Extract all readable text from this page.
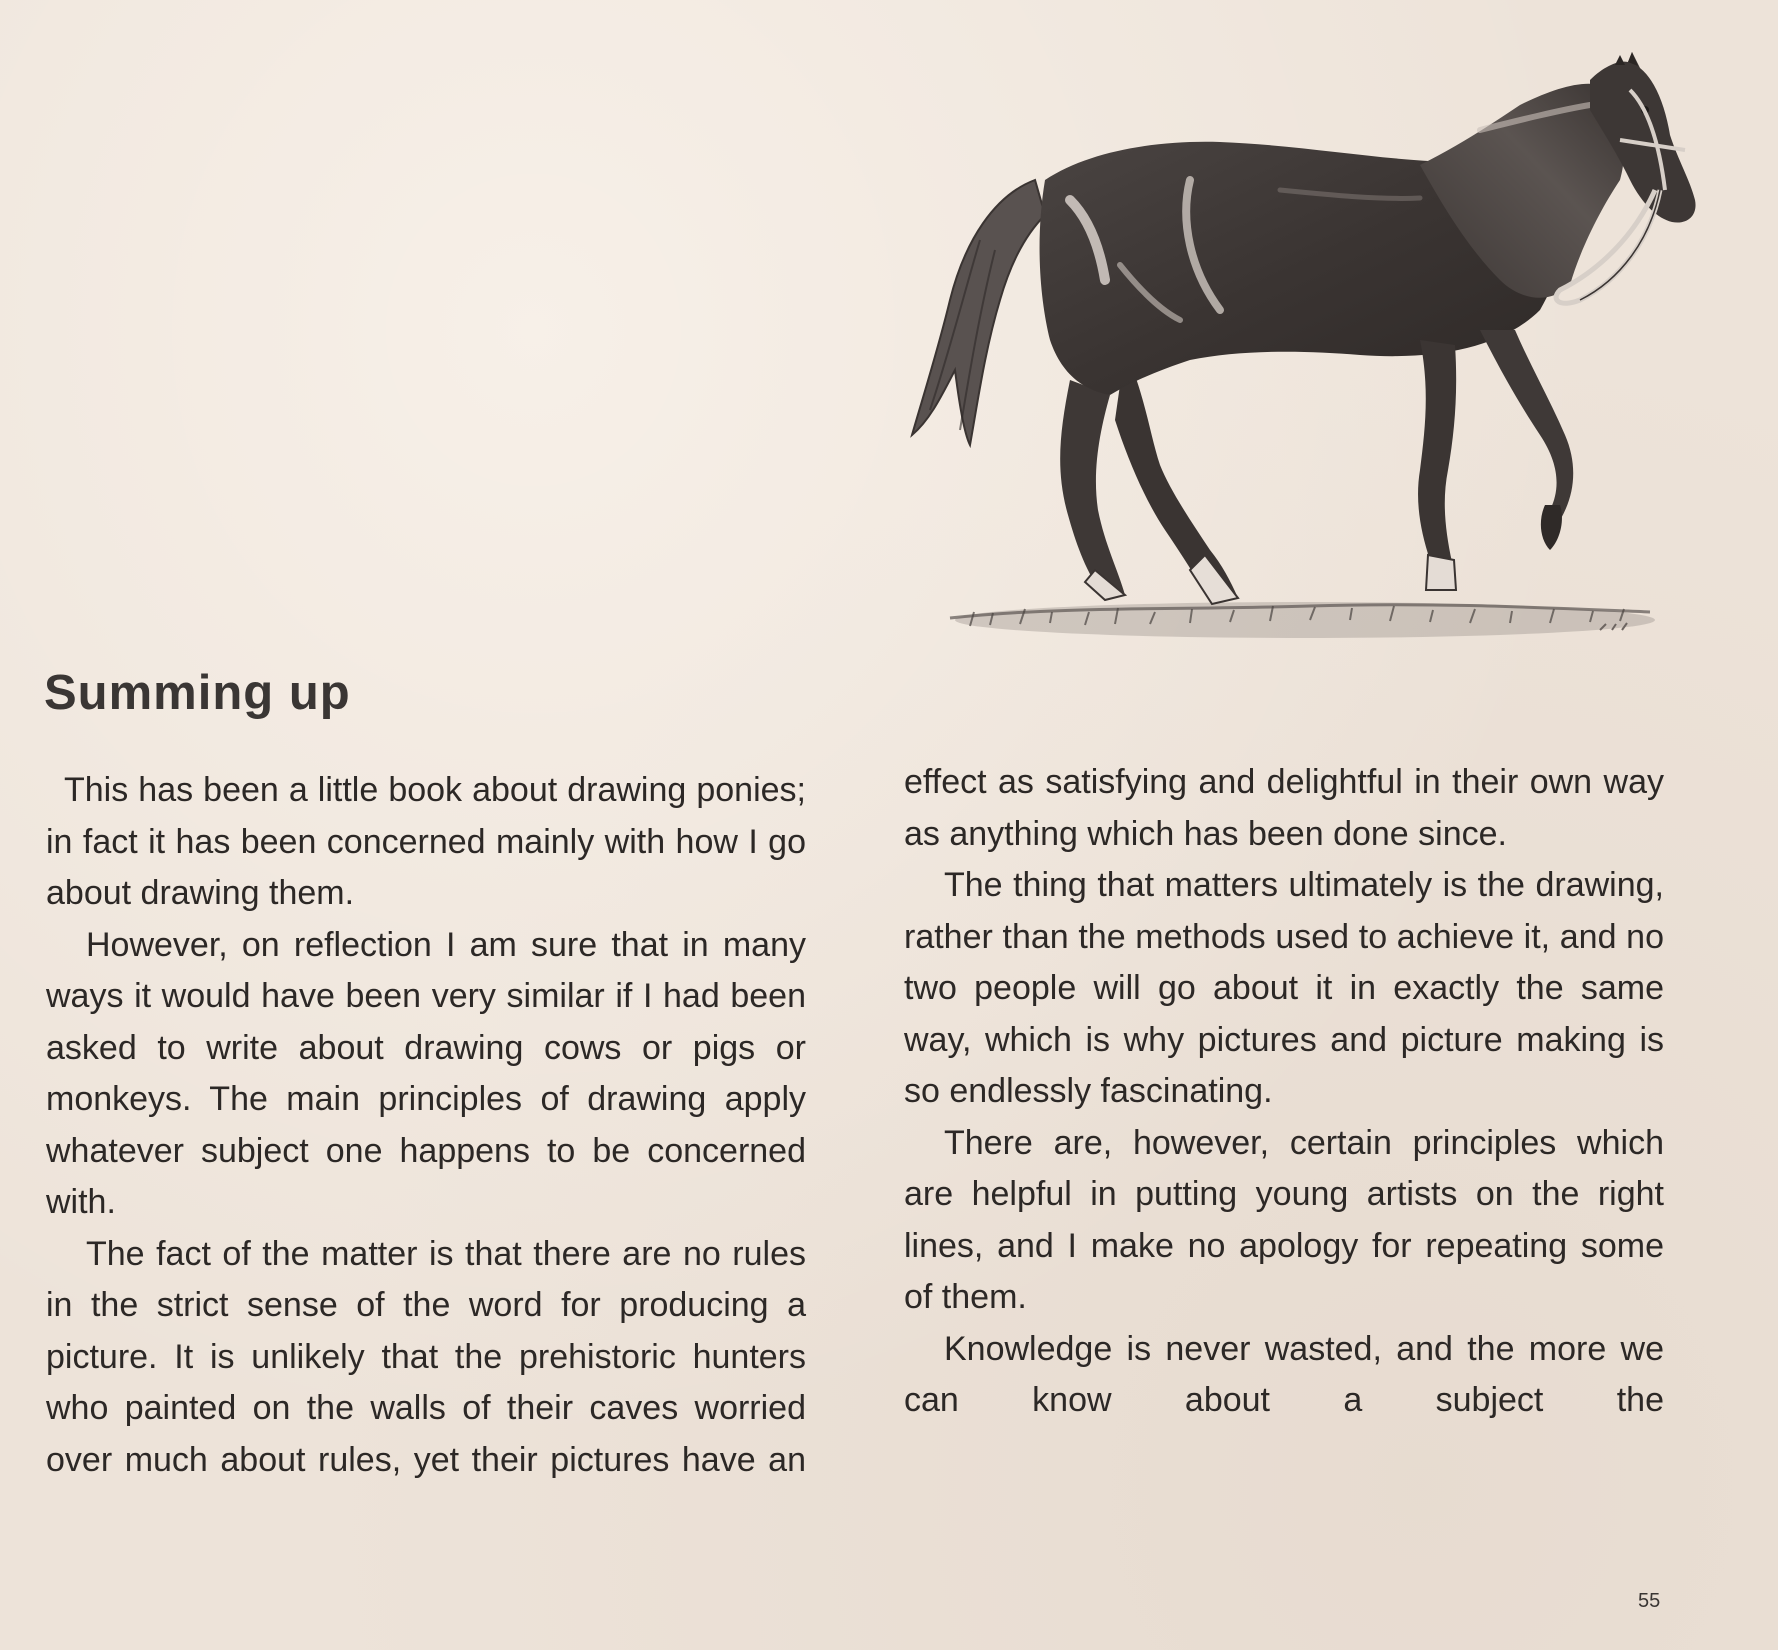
Summing up

This has been a little book about drawing ponies; in fact it has been concerned mainly with how I go about drawing them.

However, on reflection I am sure that in many ways it would have been very similar if I had been asked to write about drawing cows or pigs or monkeys. The main principles of drawing apply whatever subject one happens to be concerned with.

The fact of the matter is that there are no rules in the strict sense of the word for producing a picture. It is unlikely that the prehistoric hunters who painted on the walls of their caves worried over much about rules, yet their pictures have an

effect as satisfying and delightful in their own way as anything which has been done since.

The thing that matters ultimately is the drawing, rather than the methods used to achieve it, and no two people will go about it in exactly the same way, which is why pictures and picture making is so endlessly fascinating.

There are, however, certain principles which are helpful in putting young artists on the right lines, and I make no apology for repeating some of them.

Knowledge is never wasted, and the more we can know about a subject the

55
